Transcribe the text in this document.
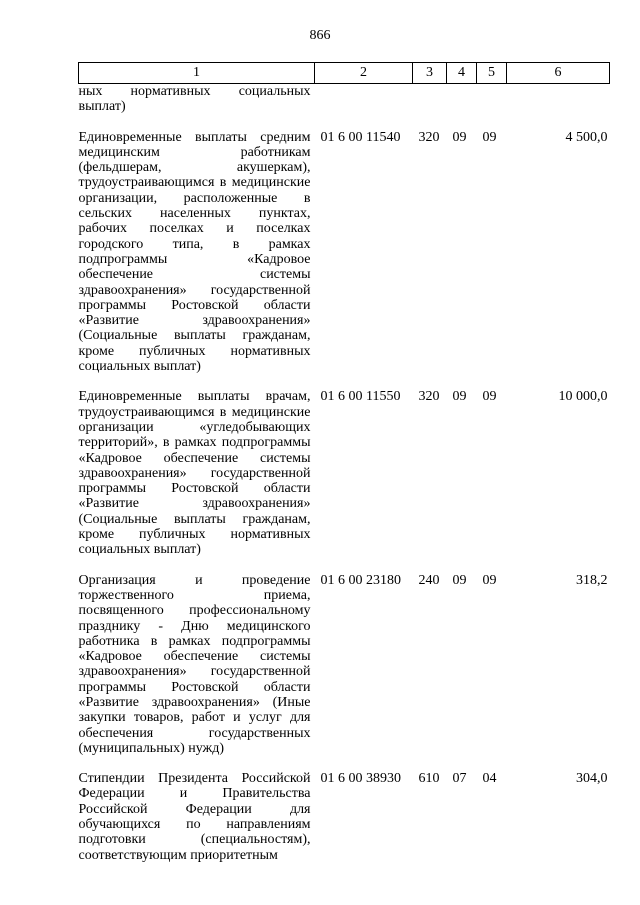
866
1	2	3	4	5	6
ных нормативных социальных выплат)					
Единовременные выплаты средним медицинским работникам (фельдшерам, акушеркам), трудоустраивающимся в медицинские организации, расположенные в сельских населенных пунктах, рабочих поселках и поселках городского типа, в рамках подпрограммы «Кадровое обеспечение системы здравоохранения» государственной программы Ростовской области «Развитие здравоохранения» (Социальные выплаты гражданам, кроме публичных нормативных социальных выплат)	01 6 00 11540	320	09	09	4 500,0
Единовременные выплаты врачам, трудоустраивающимся в медицинские организации «угледобывающих территорий», в рамках подпрограммы «Кадровое обеспечение системы здравоохранения» государственной программы Ростовской области «Развитие здравоохранения» (Социальные выплаты гражданам, кроме публичных нормативных социальных выплат)	01 6 00 11550	320	09	09	10 000,0
Организация и проведение торжественного приема, посвященного профессиональному празднику - Дню медицинского работника в рамках подпрограммы «Кадровое обеспечение системы здравоохранения» государственной программы Ростовской области «Развитие здравоохранения» (Иные закупки товаров, работ и услуг для обеспечения государственных (муниципальных) нужд)	01 6 00 23180	240	09	09	318,2
Стипендии Президента Российской Федерации и Правительства Российской Федерации для обучающихся по направлениям подготовки (специальностям), соответствующим приоритетным	01 6 00 38930	610	07	04	304,0
